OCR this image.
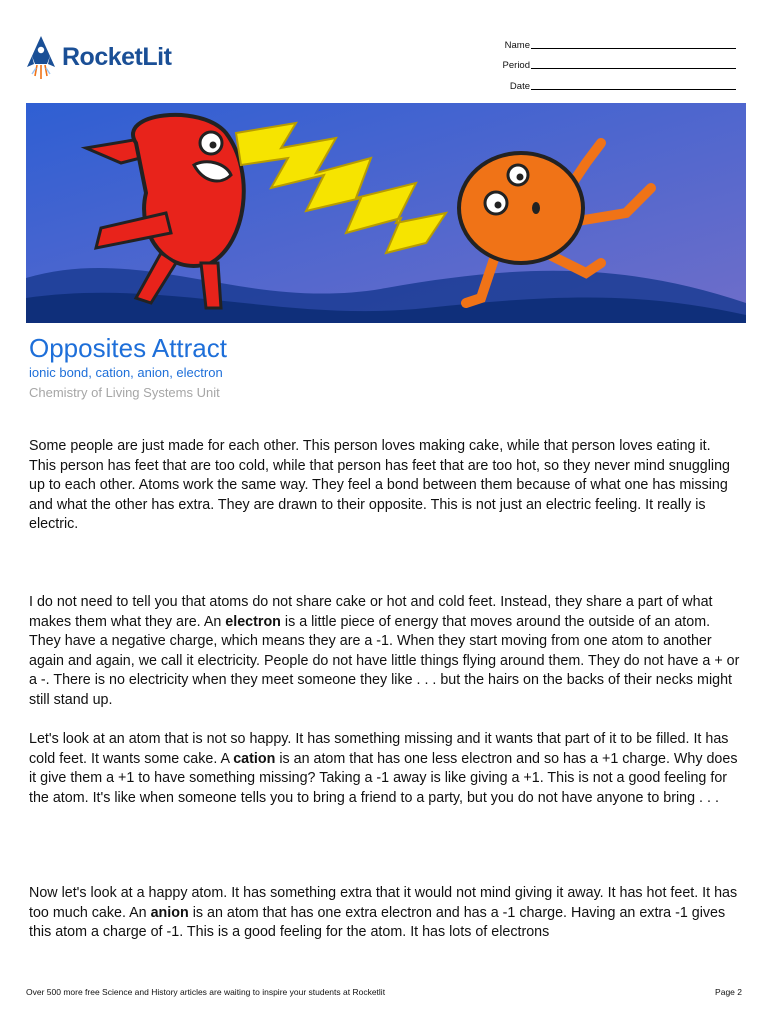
RocketLit	Name
Period
Date
Opposites Attract
ionic bond, cation, anion, electron
Chemistry of Living Systems Unit

Some people are just made for each other. This person loves making cake, while that person loves eating it. This person has feet that are too cold, while that person has feet that are too hot, so they never mind snuggling up to each other. Atoms work the same way. They feel a bond between them because of what one has missing and what the other has extra. They are drawn to their opposite. This is not just an electric feeling. It really is electric.

I do not need to tell you that atoms do not share cake or hot and cold feet. Instead, they share a part of what makes them what they are. An electron is a little piece of energy that moves around the outside of an atom. They have a negative charge, which means they are a -1. When they start moving from one atom to another again and again, we call it electricity. People do not have little things flying around them. They do not have a + or a -. There is no electricity when they meet someone they like . . . but the hairs on the backs of their necks might still stand up.

Let's look at an atom that is not so happy. It has something missing and it wants that part of it to be filled. It has cold feet. It wants some cake. A cation is an atom that has one less electron and so has a +1 charge. Why does it give them a +1 to have something missing? Taking a -1 away is like giving a +1. This is not a good feeling for the atom. It's like when someone tells you to bring a friend to a party, but you do not have anyone to bring . . .

Now let's look at a happy atom. It has something extra that it would not mind giving it away. It has hot feet. It has too much cake. An anion is an atom that has one extra electron and has a -1 charge. Having an extra -1 gives this atom a charge of -1. This is a good feeling for the atom. It has lots of electrons

Over 500 more free Science and History articles are waiting to inspire your students at Rocketlit	Page 2
